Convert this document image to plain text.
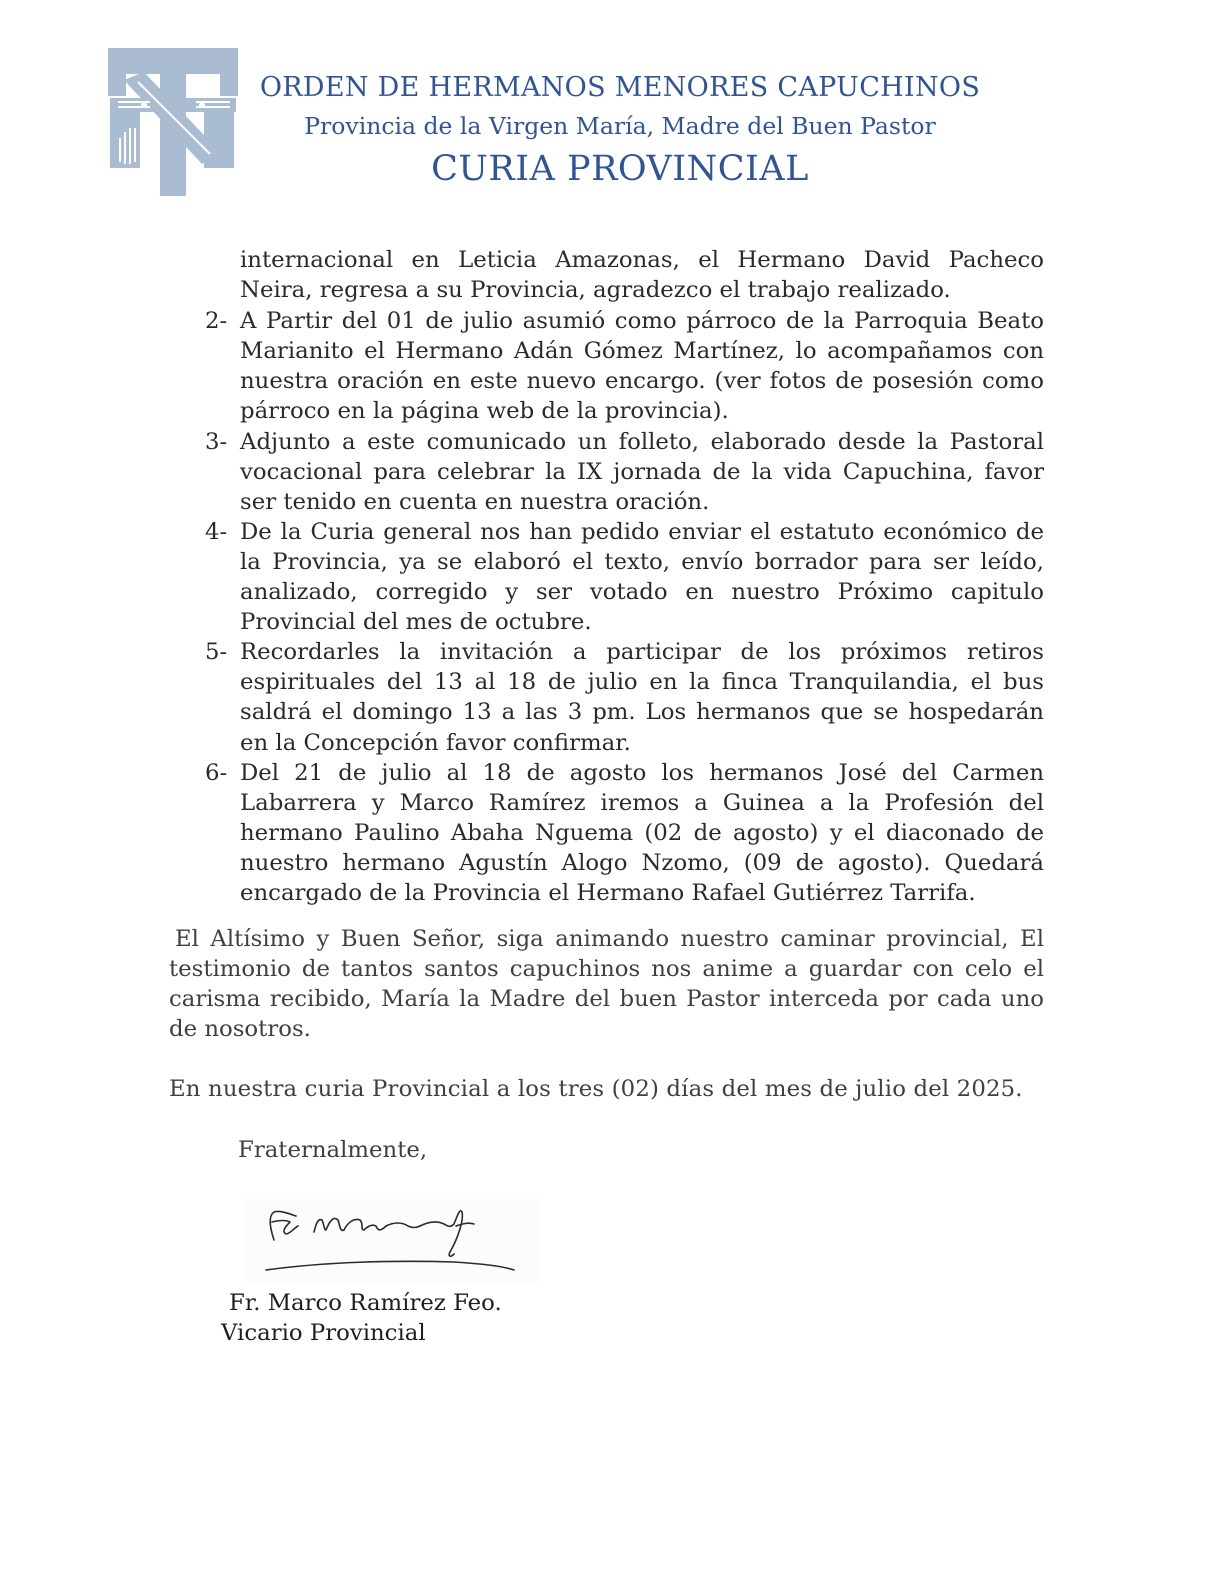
ORDEN DE HERMANOS MENORES CAPUCHINOS
Provincia de la Virgen María, Madre del Buen Pastor
CURIA PROVINCIAL
internacional en Leticia Amazonas, el Hermano David Pacheco Neira, regresa a su Provincia, agradezco el trabajo realizado.
2- A Partir del 01 de julio asumió como párroco de la Parroquia Beato Marianito el Hermano Adán Gómez Martínez, lo acompañamos con nuestra oración en este nuevo encargo. (ver fotos de posesión como párroco en la página web de la provincia).
3- Adjunto a este comunicado un folleto, elaborado desde la Pastoral vocacional para celebrar la IX jornada de la vida Capuchina, favor ser tenido en cuenta en nuestra oración.
4- De la Curia general nos han pedido enviar el estatuto económico de la Provincia, ya se elaboró el texto, envío borrador para ser leído, analizado, corregido y ser votado en nuestro Próximo capitulo Provincial del mes de octubre.
5- Recordarles la invitación a participar de los próximos retiros espirituales del 13 al 18 de julio en la finca Tranquilandia, el bus saldrá el domingo 13 a las 3 pm. Los hermanos que se hospedarán en la Concepción favor confirmar.
6- Del 21 de julio al 18 de agosto los hermanos José del Carmen Labarrera y Marco Ramírez iremos a Guinea a la Profesión del hermano Paulino Abaha Nguema (02 de agosto) y el diaconado de nuestro hermano Agustín Alogo Nzomo, (09 de agosto). Quedará encargado de la Provincia el Hermano Rafael Gutiérrez Tarrifa.
El Altísimo y Buen Señor, siga animando nuestro caminar provincial, El testimonio de tantos santos capuchinos nos anime a guardar con celo el carisma recibido, María la Madre del buen Pastor interceda por cada uno de nosotros.
En nuestra curia Provincial a los tres (02) días del mes de julio del 2025.
Fraternalmente,
Fr. Marco Ramírez Feo.
Vicario Provincial
